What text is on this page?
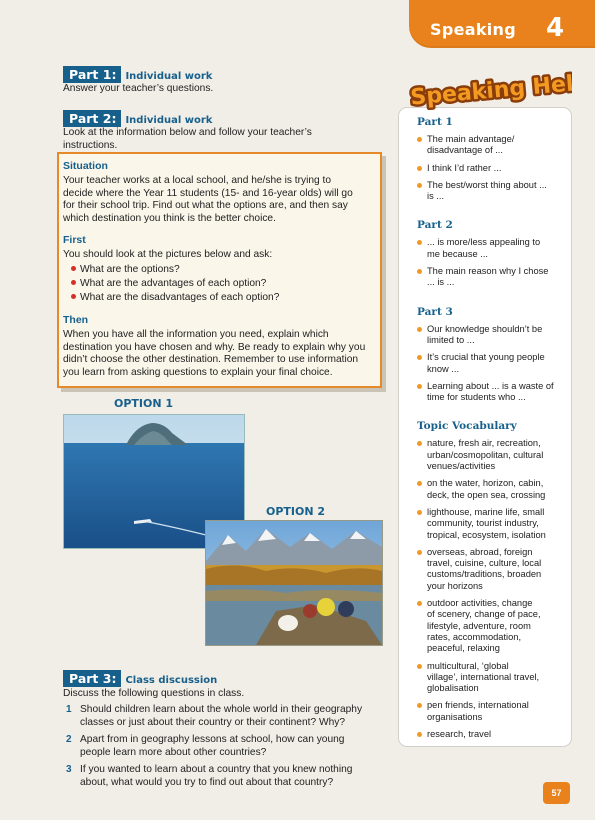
Speaking 4
Part 1: Individual work
Answer your teacher’s questions.
Part 2: Individual work
Look at the information below and follow your teacher’s
instructions.
Situation
Your teacher works at a local school, and he/she is trying to
decide where the Year 11 students (15- and 16-year olds) will go
for their school trip. Find out what the options are, and then say
which destination you think is the better choice.
First
You should look at the pictures below and ask:
What are the options?
What are the advantages of each option?
What are the disadvantages of each option?
Then
When you have all the information you need, explain which
destination you have chosen and why. Be ready to explain why you
didn’t choose the other destination. Remember to use information
you learn from asking questions to explain your final choice.
OPTION 1
OPTION 2
Part 3: Class discussion
Discuss the following questions in class.
1 Should children learn about the whole world in their geography
classes or just about their country or their continent? Why?
2 Apart from in geography lessons at school, how can young
people learn more about other countries?
3 If you wanted to learn about a country that you knew nothing
about, what would you try to find out about that country?
Speaking Help
Speaking Help
Part 1
The main advantage/
disadvantage of ...
I think I’d rather ...
The best/worst thing about ...
is ...
Part 2
... is more/less appealing to
me because ...
The main reason why I chose
... is ...
Part 3
Our knowledge shouldn’t be
limited to ...
It’s crucial that young people
know ...
Learning about ... is a waste of
time for students who ...
Topic Vocabulary
nature, fresh air, recreation,
urban/cosmopolitan, cultural
venues/activities
on the water, horizon, cabin,
deck, the open sea, crossing
lighthouse, marine life, small
community, tourist industry,
tropical, ecosystem, isolation
overseas, abroad, foreign
travel, cuisine, culture, local
customs/traditions, broaden
your horizons
outdoor activities, change
of scenery, change of pace,
lifestyle, adventure, room
rates, accommodation,
peaceful, relaxing
multicultural, ‘global
village’, international travel,
globalisation
pen friends, international
organisations
research, travel
57
